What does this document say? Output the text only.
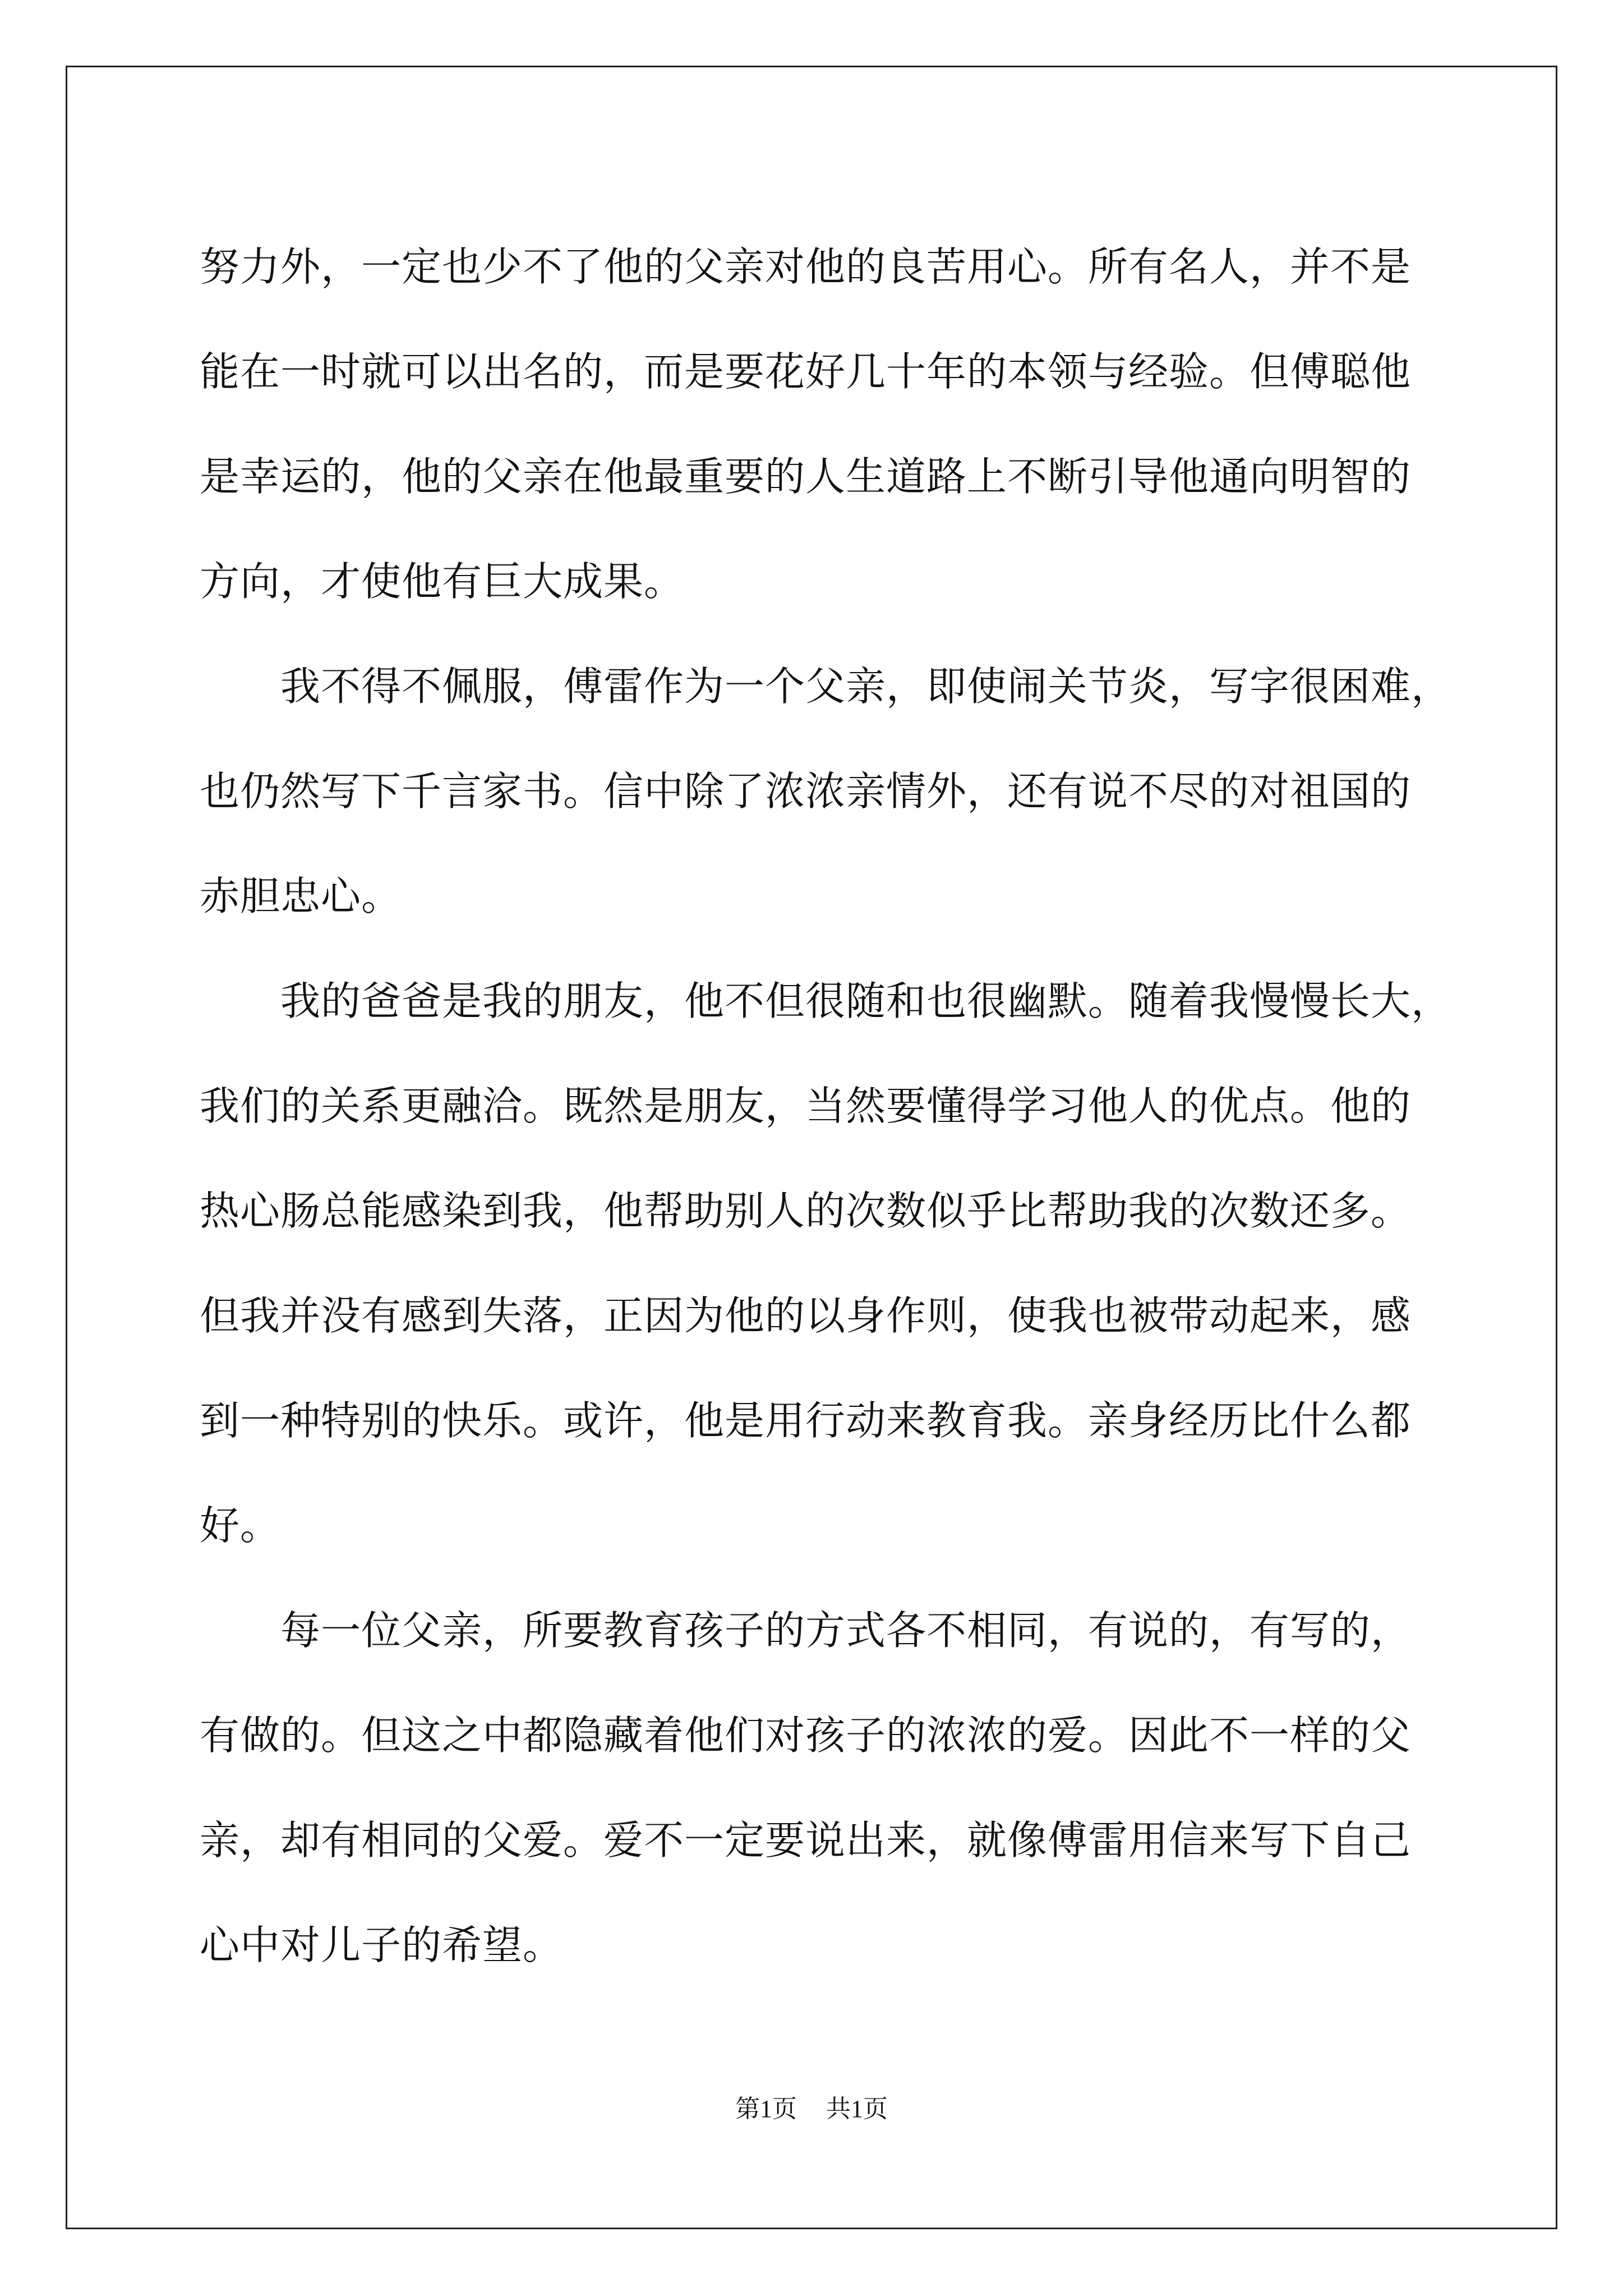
努力外，一定也少不了他的父亲对他的良苦用心。所有名人，并不是
能在一时就可以出名的，而是要花好几十年的本领与经验。但傅聪他
是幸运的，他的父亲在他最重要的人生道路上不断引导他通向明智的
方向，才使他有巨大成果。
我不得不佩服，傅雷作为一个父亲，即使闹关节炎，写字很困难，
也仍然写下千言家书。信中除了浓浓亲情外，还有说不尽的对祖国的
赤胆忠心。
我的爸爸是我的朋友，他不但很随和也很幽默。随着我慢慢长大，
我们的关系更融洽。既然是朋友，当然要懂得学习他人的优点。他的
热心肠总能感染到我，他帮助别人的次数似乎比帮助我的次数还多。
但我并没有感到失落，正因为他的以身作则，使我也被带动起来，感
到一种特别的快乐。或许，他是用行动来教育我。亲身经历比什么都
好。
每一位父亲，所要教育孩子的方式各不相同，有说的，有写的，
有做的。但这之中都隐藏着他们对孩子的浓浓的爱。因此不一样的父
亲，却有相同的父爱。爱不一定要说出来，就像傅雷用信来写下自己
心中对儿子的希望。
第1页 共1页
